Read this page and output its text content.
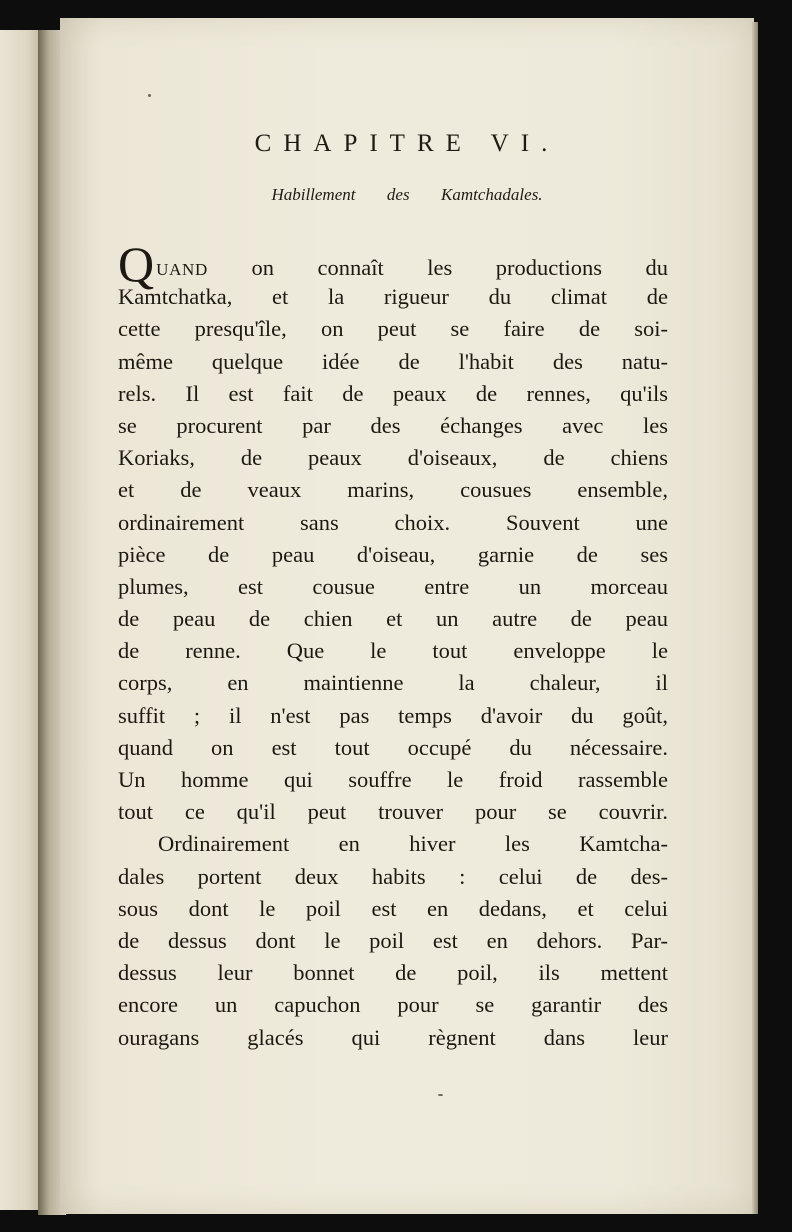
CHAPITRE VI.
Habillement des Kamtchadales.
QUAND on connaît les productions du
Kamtchatka, et la rigueur du climat de
cette presqu'île, on peut se faire de soi-
même quelque idée de l'habit des natu-
rels. Il est fait de peaux de rennes, qu'ils
se procurent par des échanges avec les
Koriaks, de peaux d'oiseaux, de chiens
et de veaux marins, cousues ensemble,
ordinairement sans choix. Souvent une
pièce de peau d'oiseau, garnie de ses
plumes, est cousue entre un morceau
de peau de chien et un autre de peau
de renne. Que le tout enveloppe le
corps, en maintienne la chaleur, il
suffit ; il n'est pas temps d'avoir du goût,
quand on est tout occupé du nécessaire.
Un homme qui souffre le froid rassemble
tout ce qu'il peut trouver pour se couvrir.
Ordinairement en hiver les Kamtcha-
dales portent deux habits : celui de des-
sous dont le poil est en dedans, et celui
de dessus dont le poil est en dehors. Par-
dessus leur bonnet de poil, ils mettent
encore un capuchon pour se garantir des
ouragans glacés qui règnent dans leur
